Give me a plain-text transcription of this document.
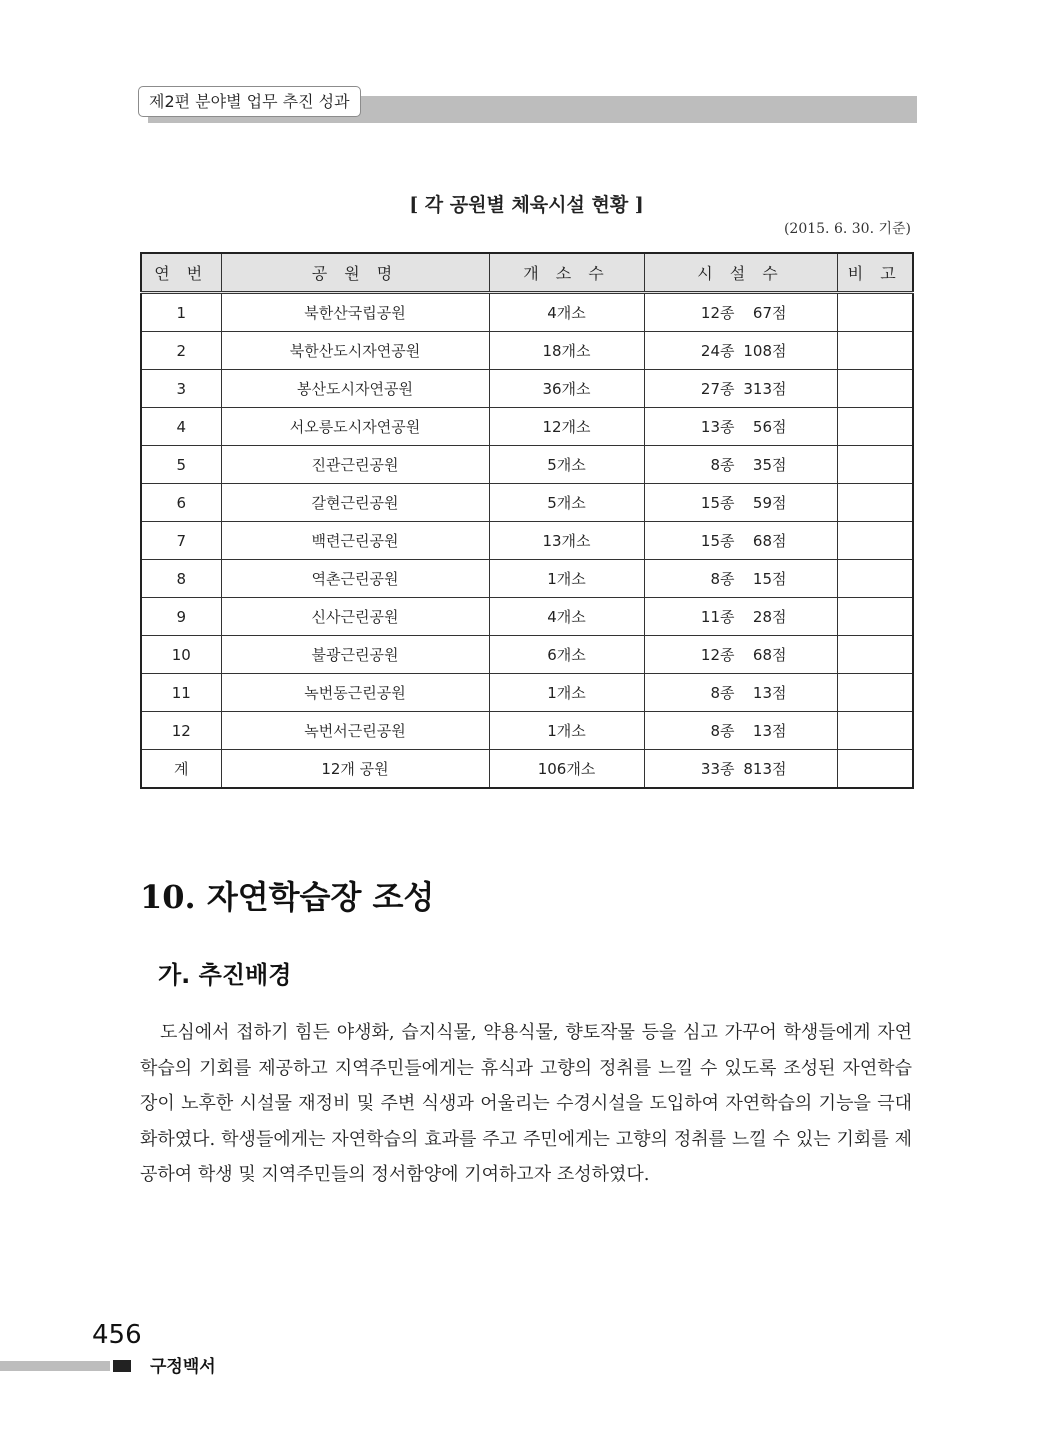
제2편 분야별 업무 추진 성과
[ 각 공원별 체육시설 현황 ]
(2015. 6. 30. 기준)
연 번	공 원 명	개 소 수	시 설 수	비 고
1	북한산국립공원	4개소	12종 67점	
2	북한산도시자연공원	18개소	24종 108점	
3	봉산도시자연공원	36개소	27종 313점	
4	서오릉도시자연공원	12개소	13종 56점	
5	진관근린공원	5개소	8종 35점	
6	갈현근린공원	5개소	15종 59점	
7	백련근린공원	13개소	15종 68점	
8	역촌근린공원	1개소	8종 15점	
9	신사근린공원	4개소	11종 28점	
10	불광근린공원	6개소	12종 68점	
11	녹번동근린공원	1개소	8종 13점	
12	녹번서근린공원	1개소	8종 13점	
계	12개 공원	106개소	33종 813점	
10. 자연학습장 조성
가. 추진배경

도심에서 접하기 힘든 야생화, 습지식물, 약용식물, 향토작물 등을 심고 가꾸어 학생들에게 자연학습의 기회를 제공하고 지역주민들에게는 휴식과 고향의 정취를 느낄 수 있도록 조성된 자연학습장이 노후한 시설물 재정비 및 주변 식생과 어울리는 수경시설을 도입하여 자연학습의 기능을 극대화하였다. 학생들에게는 자연학습의 효과를 주고 주민에게는 고향의 정취를 느낄 수 있는 기회를 제공하여 학생 및 지역주민들의 정서함양에 기여하고자 조성하였다.

456
구정백서
